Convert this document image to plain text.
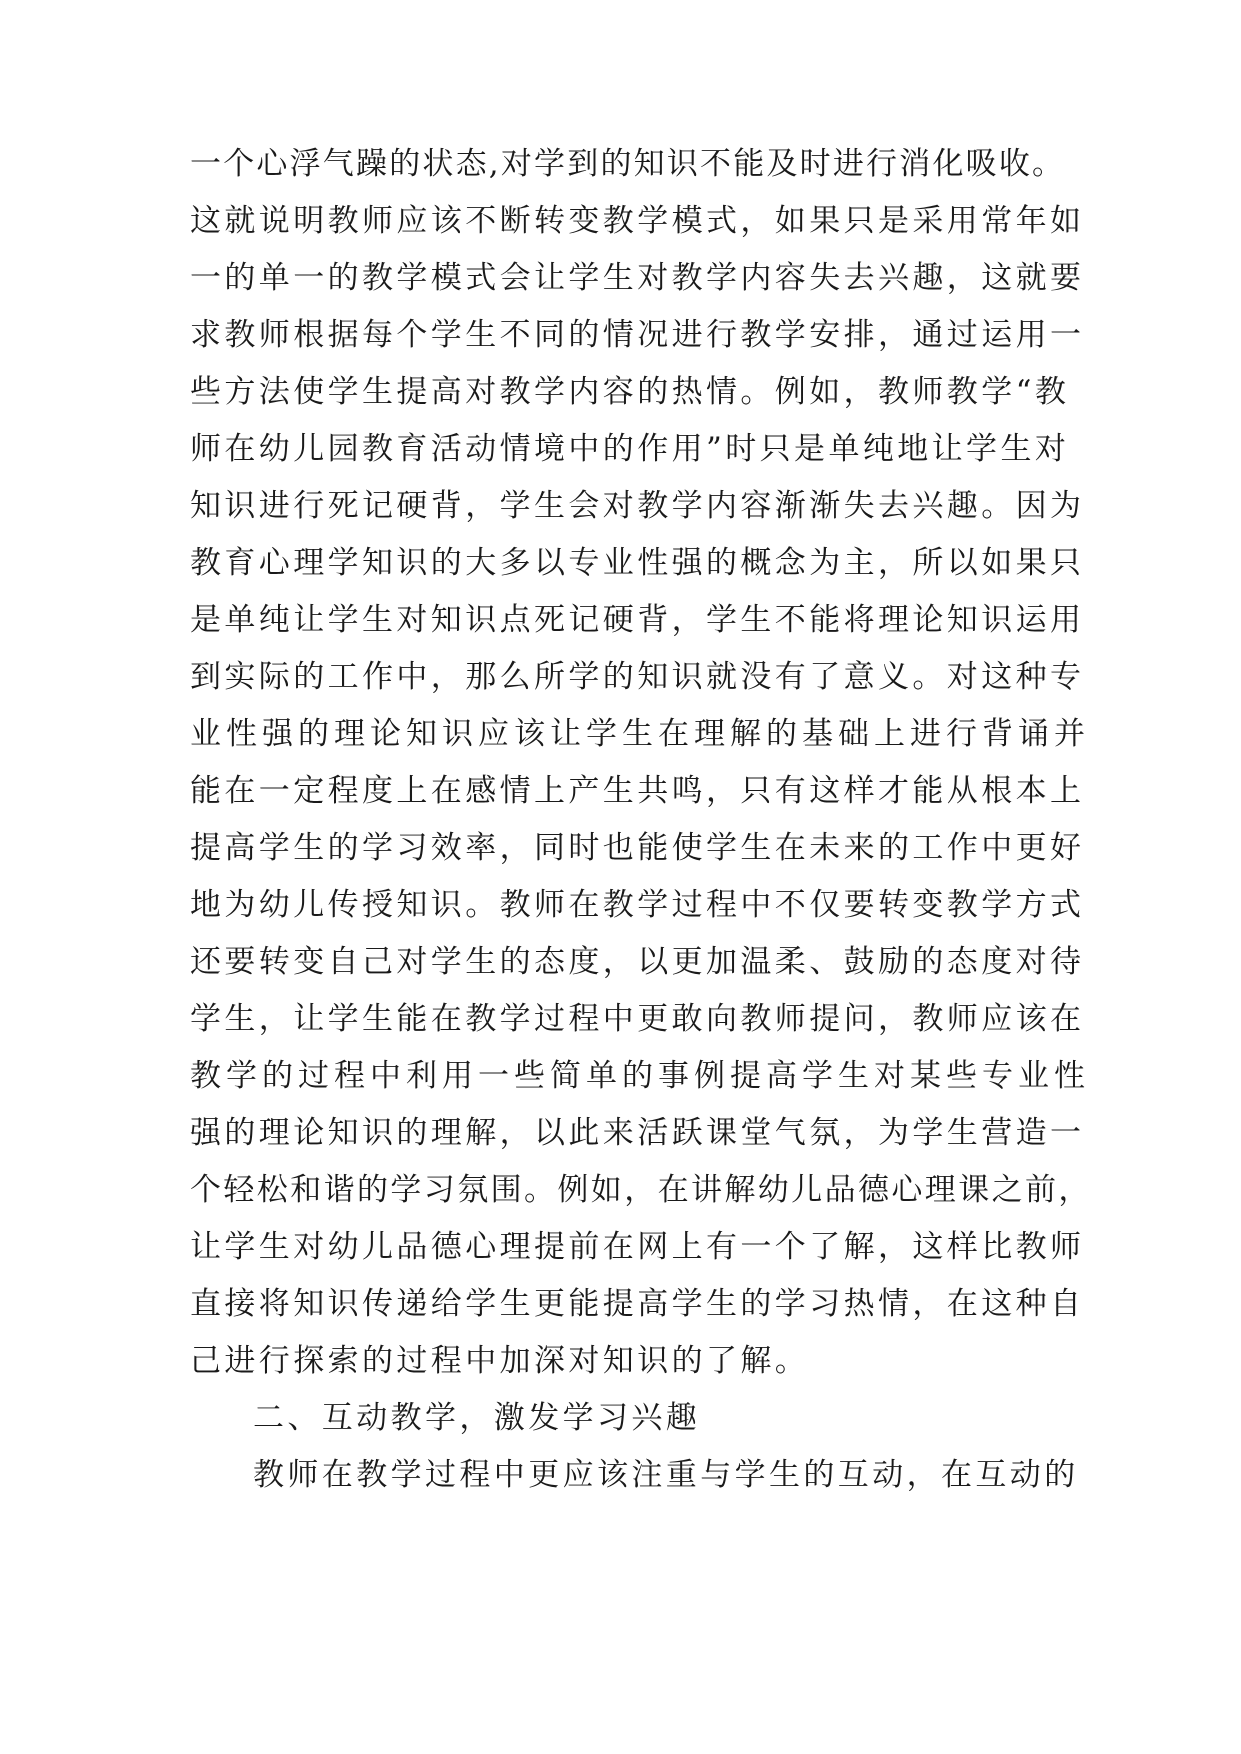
一个心浮气躁的状态,对学到的知识不能及时进行消化吸收。
这就说明教师应该不断转变教学模式，如果只是采用常年如
一的单一的教学模式会让学生对教学内容失去兴趣，这就要
求教师根据每个学生不同的情况进行教学安排，通过运用一
些方法使学生提高对教学内容的热情。例如，教师教学“教
师在幼儿园教育活动情境中的作用”时只是单纯地让学生对
知识进行死记硬背，学生会对教学内容渐渐失去兴趣。因为
教育心理学知识的大多以专业性强的概念为主，所以如果只
是单纯让学生对知识点死记硬背，学生不能将理论知识运用
到实际的工作中，那么所学的知识就没有了意义。对这种专
业性强的理论知识应该让学生在理解的基础上进行背诵并
能在一定程度上在感情上产生共鸣，只有这样才能从根本上
提高学生的学习效率，同时也能使学生在未来的工作中更好
地为幼儿传授知识。教师在教学过程中不仅要转变教学方式
还要转变自己对学生的态度，以更加温柔、鼓励的态度对待
学生，让学生能在教学过程中更敢向教师提问，教师应该在
教学的过程中利用一些简单的事例提高学生对某些专业性
强的理论知识的理解，以此来活跃课堂气氛，为学生营造一
个轻松和谐的学习氛围。例如，在讲解幼儿品德心理课之前，
让学生对幼儿品德心理提前在网上有一个了解，这样比教师
直接将知识传递给学生更能提高学生的学习热情，在这种自
己进行探索的过程中加深对知识的了解。
二、互动教学，激发学习兴趣
教师在教学过程中更应该注重与学生的互动，在互动的
